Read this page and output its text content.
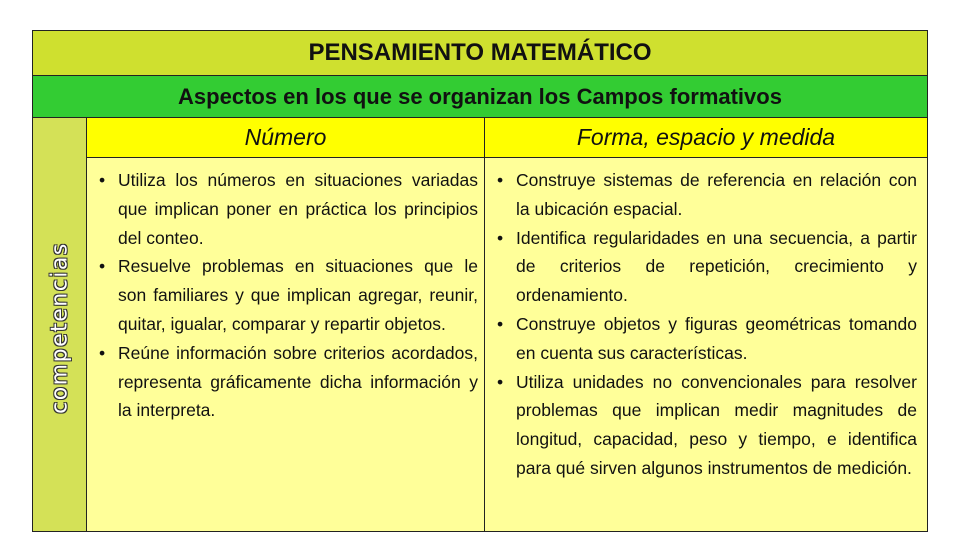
PENSAMIENTO MATEMÁTICO
Aspectos en los que se organizan los Campos formativos
competencias
Número	Forma, espacio y medida
• Utiliza los números en situaciones variadas que implican poner en práctica los principios del conteo.
• Resuelve problemas en situaciones que le son familiares y que implican agregar, reunir, quitar, igualar, comparar y repartir objetos.
• Reúne información sobre criterios acordados, representa gráficamente dicha información y la interpreta.
• Construye sistemas de referencia en relación con la ubicación espacial.
• Identifica regularidades en una secuencia, a partir de criterios de repetición, crecimiento y ordenamiento.
• Construye objetos y figuras geométricas tomando en cuenta sus características.
• Utiliza unidades no convencionales para resolver problemas que implican medir magnitudes de longitud, capacidad, peso y tiempo, e identifica para qué sirven algunos instrumentos de medición.
